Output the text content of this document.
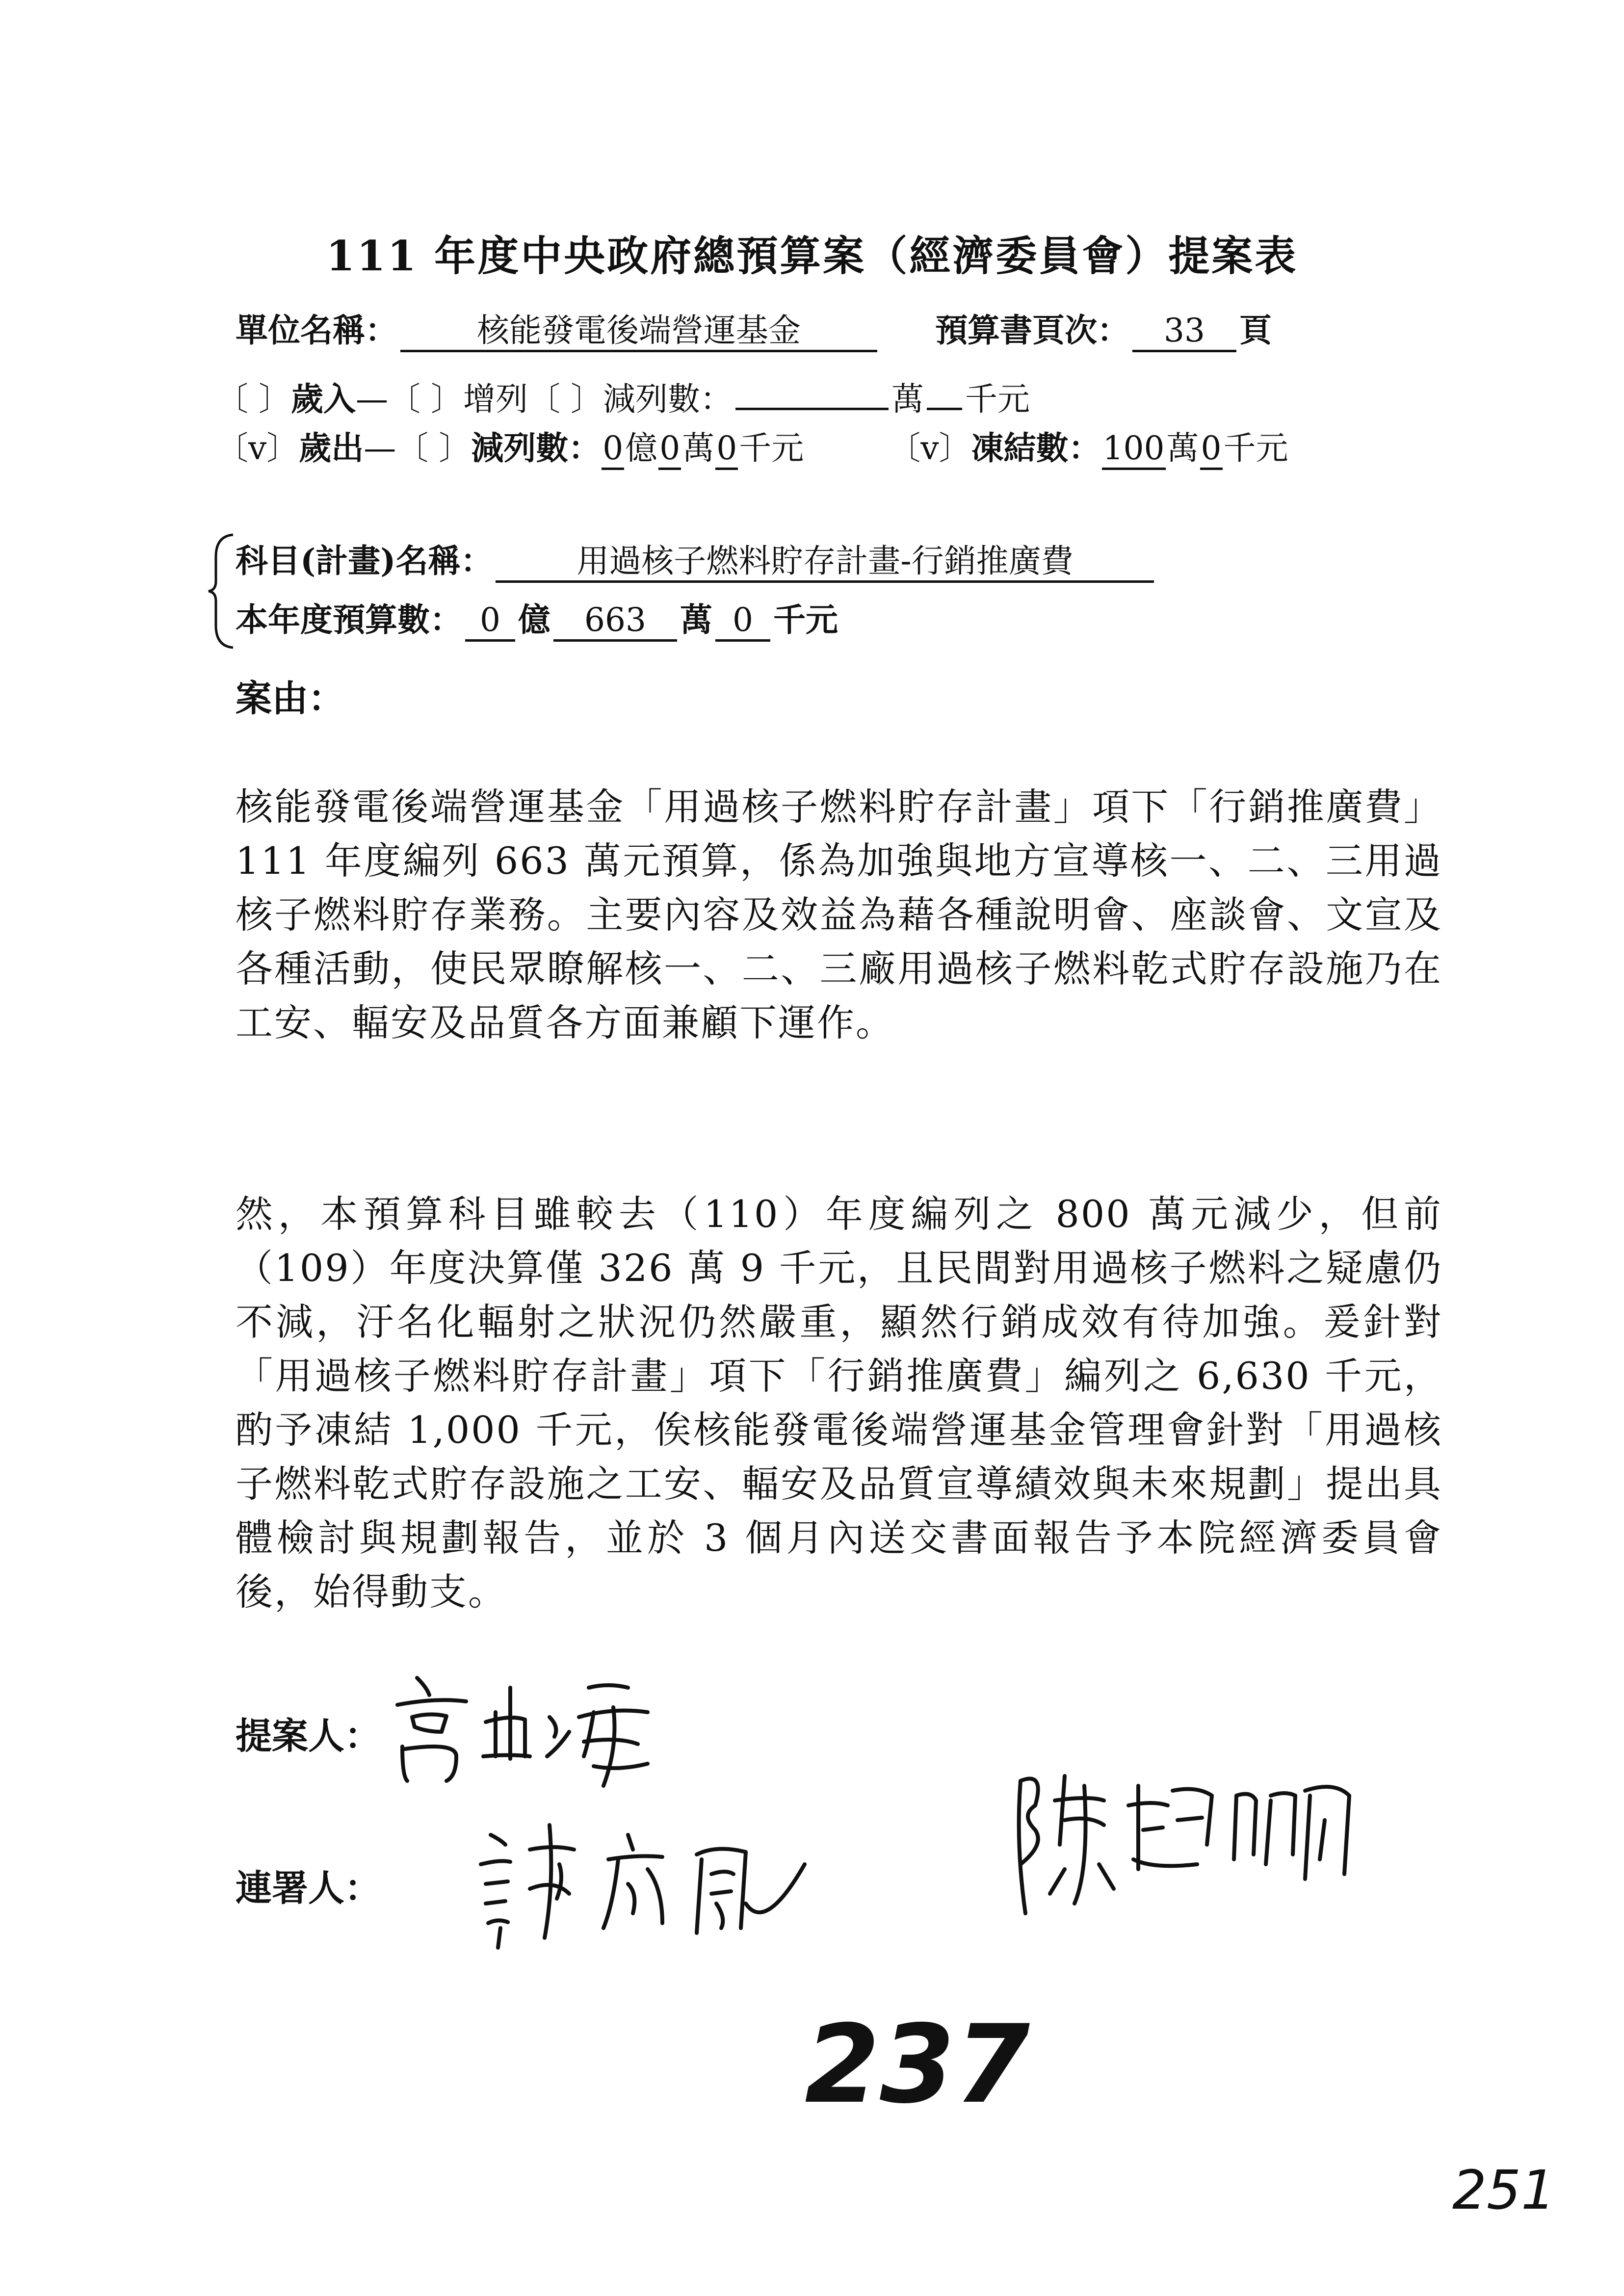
111 年度中央政府總預算案（經濟委員會）提案表
單位名稱： 核能發電後端營運基金	預算書頁次： 33 頁
〔 〕歲入—〔 〕增列〔 〕減列數：	萬 千元
〔v〕歲出—〔 〕減列數：0億0萬0千元	〔v〕凍結數：100萬0千元
科目(計畫)名稱：	用過核子燃料貯存計畫-行銷推廣費
本年度預算數： 0 億 663 萬 0 千元
案由：

核能發電後端營運基金「用過核子燃料貯存計畫」項下「行銷推廣費」111 年度編列 663 萬元預算，係為加強與地方宣導核一、二、三用過核子燃料貯存業務。主要內容及效益為藉各種說明會、座談會、文宣及各種活動，使民眾瞭解核一、二、三廠用過核子燃料乾式貯存設施乃在工安、輻安及品質各方面兼顧下運作。

然，本預算科目雖較去（110）年度編列之 800 萬元減少，但前（109）年度決算僅 326 萬 9 千元，且民間對用過核子燃料之疑慮仍不減，汙名化輻射之狀況仍然嚴重，顯然行銷成效有待加強。爰針對「用過核子燃料貯存計畫」項下「行銷推廣費」編列之 6,630 千元，酌予凍結 1,000 千元，俟核能發電後端營運基金管理會針對「用過核子燃料乾式貯存設施之工安、輻安及品質宣導績效與未來規劃」提出具體檢討與規劃報告，並於 3 個月內送交書面報告予本院經濟委員會後，始得動支。

提案人：
連署人：
237
251
